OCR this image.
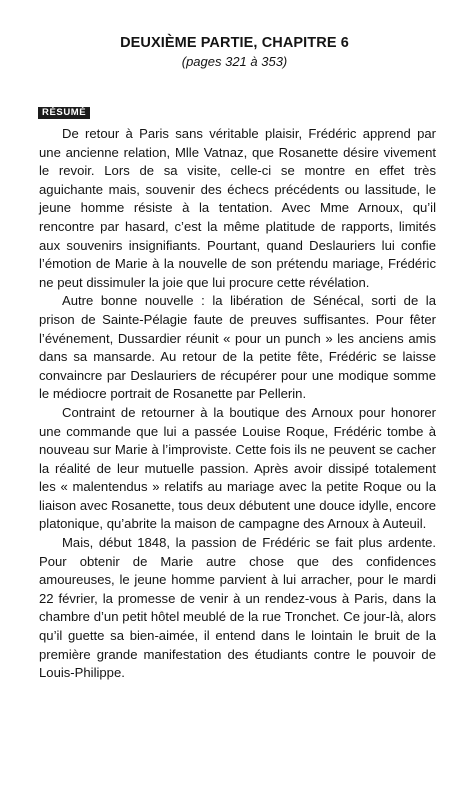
DEUXIÈME PARTIE, CHAPITRE 6

(pages 321 à 353)

RÉSUMÉ

De retour à Paris sans véritable plaisir, Frédéric apprend par une ancienne relation, Mlle Vatnaz, que Rosanette désire vivement le revoir. Lors de sa visite, celle-ci se montre en effet très aguichante mais, souvenir des échecs précédents ou lassitude, le jeune homme résiste à la tentation. Avec Mme Arnoux, qu’il rencontre par hasard, c’est la même platitude de rapports, limités aux souvenirs insignifiants. Pourtant, quand Deslauriers lui confie l’émotion de Marie à la nouvelle de son prétendu mariage, Frédéric ne peut dissimuler la joie que lui procure cette révélation.

Autre bonne nouvelle : la libération de Sénécal, sorti de la prison de Sainte-Pélagie faute de preuves suffisantes. Pour fêter l’événement, Dussardier réunit « pour un punch » les anciens amis dans sa mansarde. Au retour de la petite fête, Frédéric se laisse convaincre par Deslauriers de récupérer pour une modique somme le médiocre portrait de Rosanette par Pellerin.

Contraint de retourner à la boutique des Arnoux pour honorer une commande que lui a passée Louise Roque, Frédéric tombe à nouveau sur Marie à l’improviste. Cette fois ils ne peuvent se cacher la réalité de leur mutuelle passion. Après avoir dissipé totalement les « malentendus » relatifs au mariage avec la petite Roque ou la liaison avec Rosanette, tous deux débutent une douce idylle, encore platonique, qu’abrite la maison de campagne des Arnoux à Auteuil.

Mais, début 1848, la passion de Frédéric se fait plus ardente. Pour obtenir de Marie autre chose que des confidences amoureuses, le jeune homme parvient à lui arracher, pour le mardi 22 février, la promesse de venir à un rendez-vous à Paris, dans la chambre d’un petit hôtel meublé de la rue Tronchet. Ce jour-là, alors qu’il guette sa bien-aimée, il entend dans le lointain le bruit de la première grande manifestation des étudiants contre le pouvoir de Louis-Philippe.
